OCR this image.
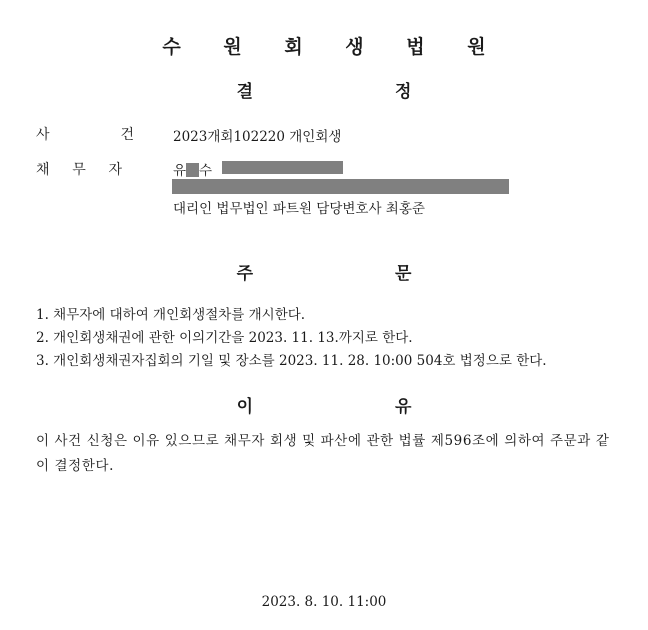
수 원 회 생 법 원
결 정
사	건	2023개회102220 개인회생
채 무 자	유 수
대리인 법무법인 파트원 담당변호사 최홍준
주 문
1. 채무자에 대하여 개인회생절차를 개시한다.
2. 개인회생채권에 관한 이의기간을 2023. 11. 13.까지로 한다.
3. 개인회생채권자집회의 기일 및 장소를 2023. 11. 28. 10:00 504호 법정으로 한다.
이 유
이 사건 신청은 이유 있으므로 채무자 회생 및 파산에 관한 법률 제596조에 의하여 주문과 같이 결정한다.
2023. 8. 10. 11:00
